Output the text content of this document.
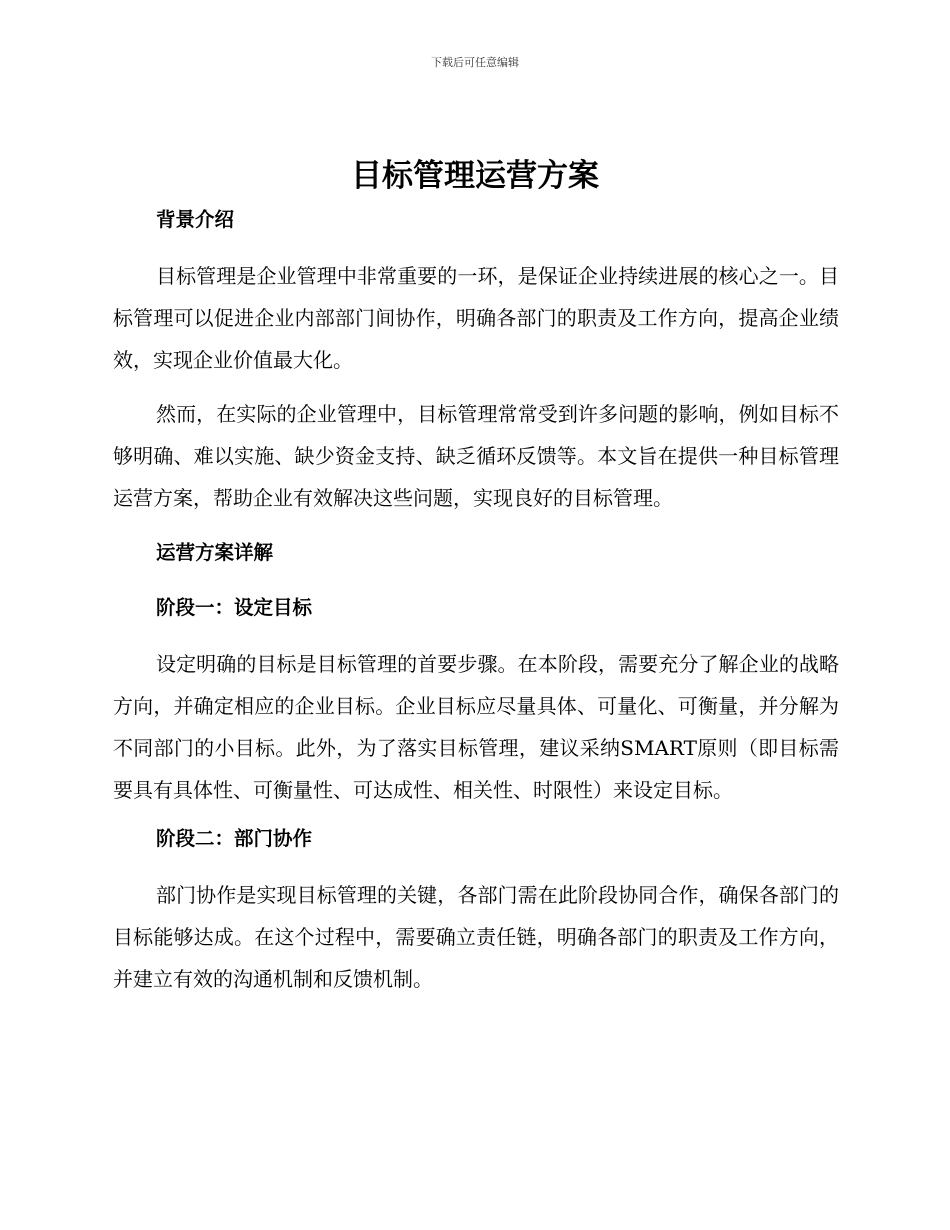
下载后可任意编辑
目标管理运营方案

背景介绍

目标管理是企业管理中非常重要的一环，是保证企业持续进展的核心之一。目标管理可以促进企业内部部门间协作，明确各部门的职责及工作方向，提高企业绩效，实现企业价值最大化。

然而，在实际的企业管理中，目标管理常常受到许多问题的影响，例如目标不够明确、难以实施、缺少资金支持、缺乏循环反馈等。本文旨在提供一种目标管理运营方案，帮助企业有效解决这些问题，实现良好的目标管理。

运营方案详解

阶段一：设定目标

设定明确的目标是目标管理的首要步骤。在本阶段，需要充分了解企业的战略方向，并确定相应的企业目标。企业目标应尽量具体、可量化、可衡量，并分解为不同部门的小目标。此外，为了落实目标管理，建议采纳SMART原则（即目标需要具有具体性、可衡量性、可达成性、相关性、时限性）来设定目标。

阶段二：部门协作

部门协作是实现目标管理的关键，各部门需在此阶段协同合作，确保各部门的目标能够达成。在这个过程中，需要确立责任链，明确各部门的职责及工作方向，并建立有效的沟通机制和反馈机制。
